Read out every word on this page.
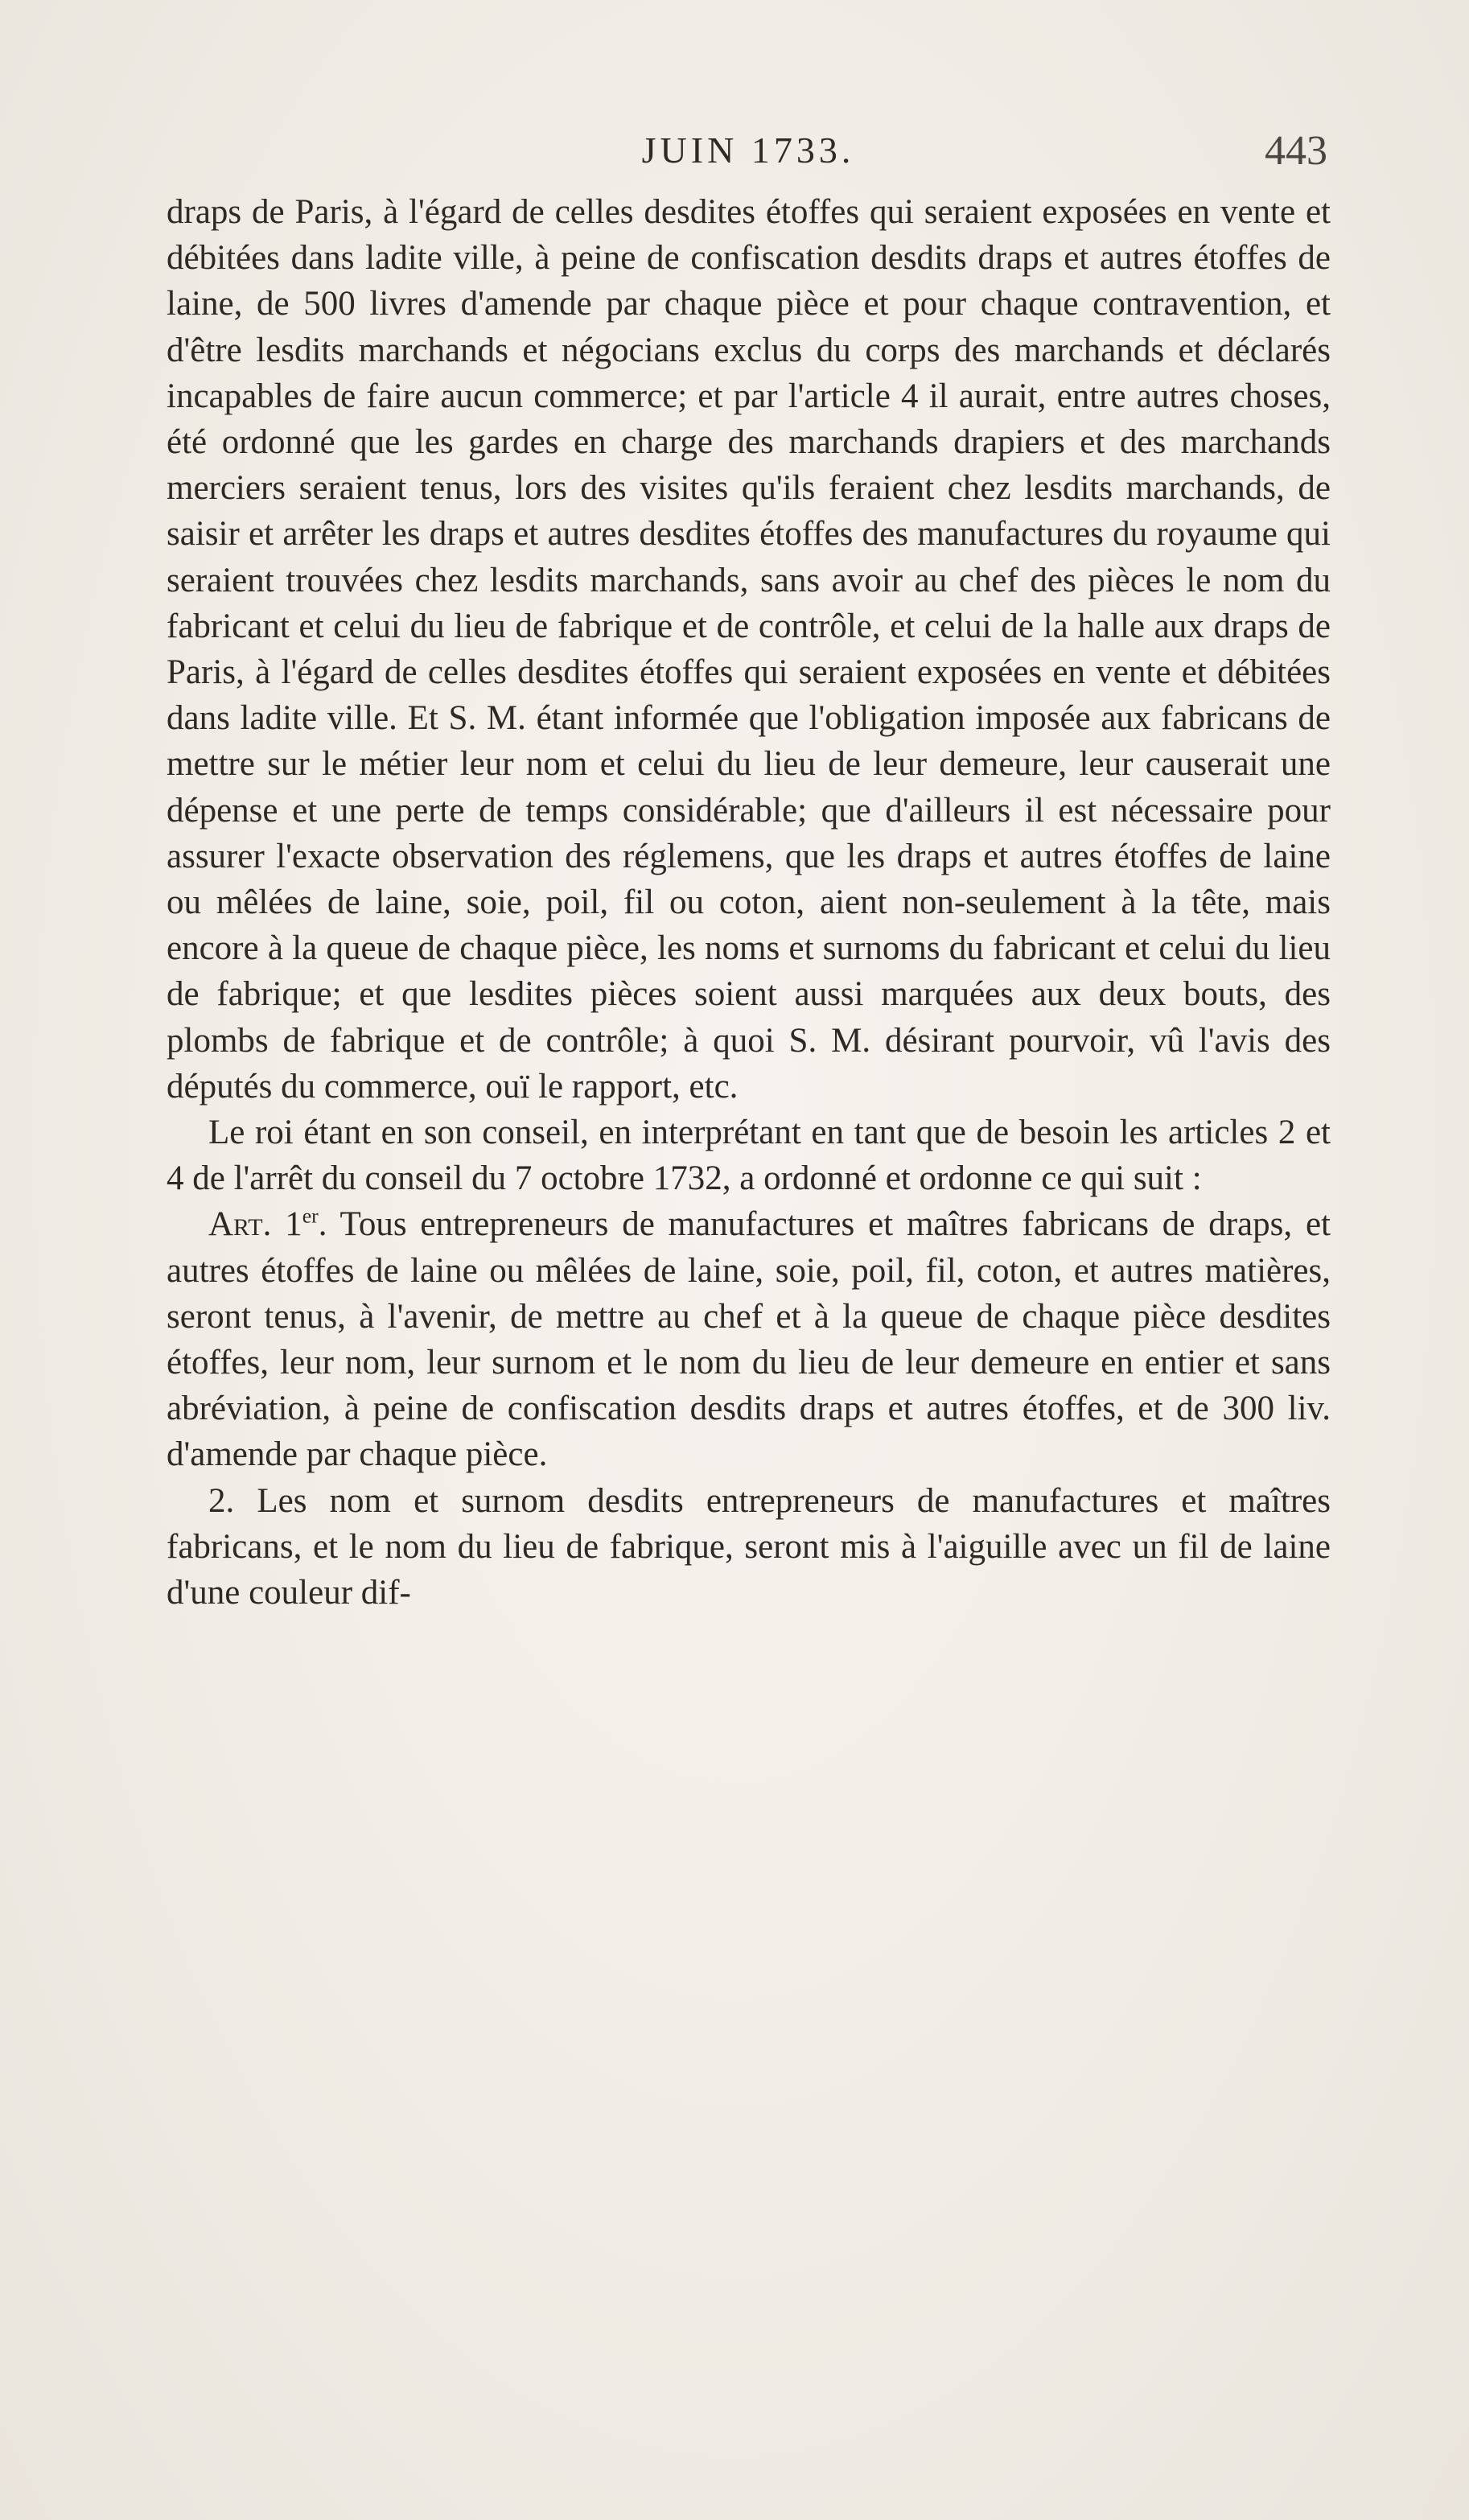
JUIN 1733.	443

draps de Paris, à l'égard de celles desdites étoffes qui seraient exposées en vente et débitées dans ladite ville, à peine de confiscation desdits draps et autres étoffes de laine, de 500 livres d'amende par chaque pièce et pour chaque contravention, et d'être lesdits marchands et négocians exclus du corps des marchands et déclarés incapables de faire aucun commerce; et par l'article 4 il aurait, entre autres choses, été ordonné que les gardes en charge des marchands drapiers et des marchands merciers seraient tenus, lors des visites qu'ils feraient chez lesdits marchands, de saisir et arrêter les draps et autres desdites étoffes des manufactures du royaume qui seraient trouvées chez lesdits marchands, sans avoir au chef des pièces le nom du fabricant et celui du lieu de fabrique et de contrôle, et celui de la halle aux draps de Paris, à l'égard de celles desdites étoffes qui seraient exposées en vente et débitées dans ladite ville. Et S. M. étant informée que l'obligation imposée aux fabricans de mettre sur le métier leur nom et celui du lieu de leur demeure, leur causerait une dépense et une perte de temps considérable; que d'ailleurs il est nécessaire pour assurer l'exacte observation des réglemens, que les draps et autres étoffes de laine ou mêlées de laine, soie, poil, fil ou coton, aient non-seulement à la tête, mais encore à la queue de chaque pièce, les noms et surnoms du fabricant et celui du lieu de fabrique; et que lesdites pièces soient aussi marquées aux deux bouts, des plombs de fabrique et de contrôle; à quoi S. M. désirant pourvoir, vû l'avis des députés du commerce, ouï le rapport, etc.

Le roi étant en son conseil, en interprétant en tant que de besoin les articles 2 et 4 de l'arrêt du conseil du 7 octobre 1732, a ordonné et ordonne ce qui suit :

Art. 1er. Tous entrepreneurs de manufactures et maîtres fabricans de draps, et autres étoffes de laine ou mêlées de laine, soie, poil, fil, coton, et autres matières, seront tenus, à l'avenir, de mettre au chef et à la queue de chaque pièce desdites étoffes, leur nom, leur surnom et le nom du lieu de leur demeure en entier et sans abréviation, à peine de confiscation desdits draps et autres étoffes, et de 300 liv. d'amende par chaque pièce.

2. Les nom et surnom desdits entrepreneurs de manufactures et maîtres fabricans, et le nom du lieu de fabrique, seront mis à l'aiguille avec un fil de laine d'une couleur dif-
